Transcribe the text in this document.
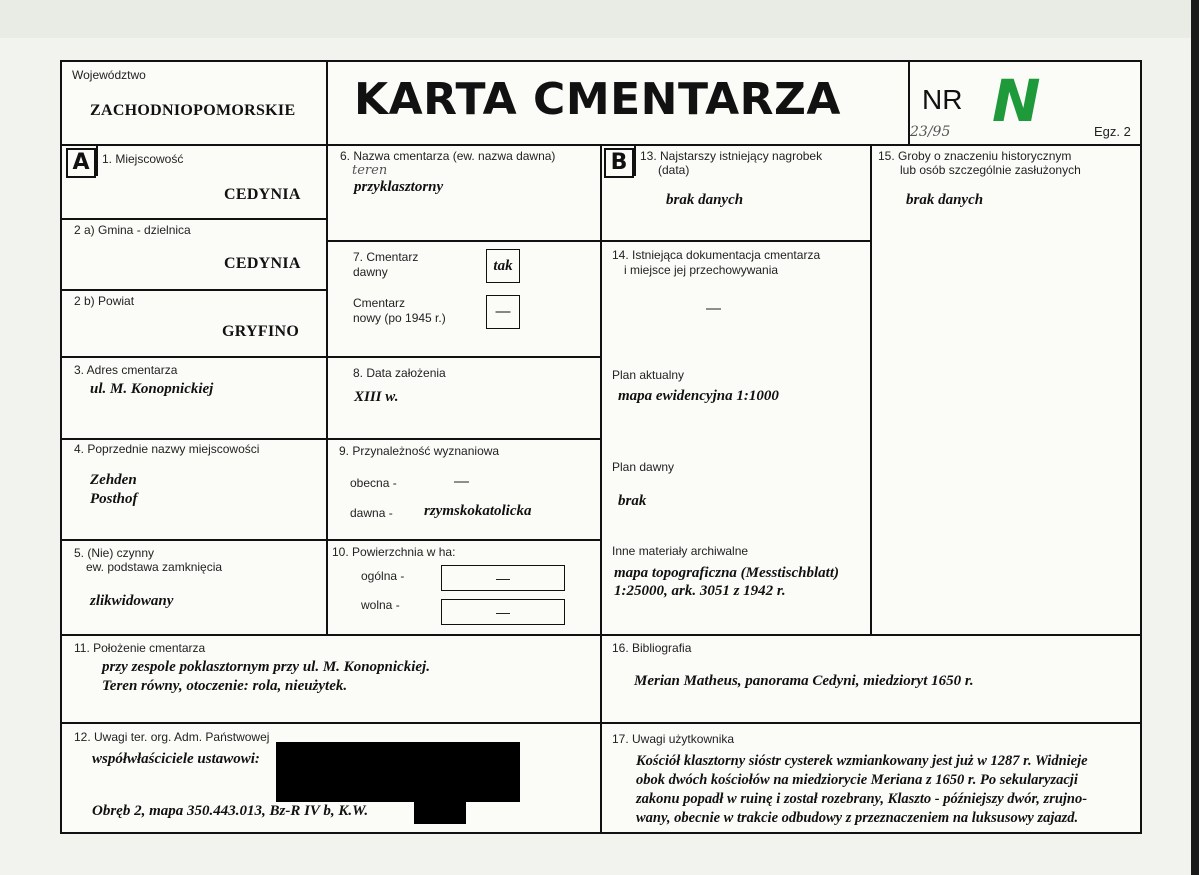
Województwo
ZACHODNIOPOMORSKIE KARTA CMENTARZA	NR N
23/95	Egz. 2
A	1. Miejscowość
CEDYNIA
2 a) Gmina - dzielnica
CEDYNIA
2 b) Powiat
GRYFINO
3. Adres cmentarza
ul. M. Konopnickiej
4. Poprzednie nazwy miejscowości
Zehden
Posthof
5. (Nie) czynny
ew. podstawa zamknięcia
zlikwidowany
6. Nazwa cmentarza (ew. nazwa dawna)
teren
przyklasztorny
7. Cmentarz
dawny	tak
Cmentarz
nowy (po 1945 r.)	—
8. Data założenia
XIII w.
9. Przynależność wyznaniowa
obecna -	—
dawna - rzymskokatolicka
10. Powierzchnia w ha:
ogólna -	—
wolna -	—
B	13. Najstarszy istniejący nagrobek
(data)
brak danych
14. Istniejąca dokumentacja cmentarza
i miejsce jej przechowywania
—
Plan aktualny
mapa ewidencyjna 1:1000
Plan dawny
brak
Inne materiały archiwalne
mapa topograficzna (Messtischblatt)
1:25000, ark. 3051 z 1942 r.
15. Groby o znaczeniu historycznym
lub osób szczególnie zasłużonych
brak danych
11. Położenie cmentarza
przy zespole poklasztornym przy ul. M. Konopnickiej.
Teren równy, otoczenie: rola, nieużytek.
16. Bibliografia
Merian Matheus, panorama Cedyni, miedzioryt 1650 r.
12. Uwagi ter. org. Adm. Państwowej
współwłaściciele ustawowi:
Obręb 2, mapa 350.443.013, Bz-R IV b, K.W.
17. Uwagi użytkownika
Kościół klasztorny sióstr cysterek wzmiankowany jest już w 1287 r. Widnieje
obok dwóch kościołów na miedziorycie Meriana z 1650 r. Po sekularyzacji
zakonu popadł w ruinę i został rozebrany, Klaszto - późniejszy dwór, zrujno-
wany, obecnie w trakcie odbudowy z przeznaczeniem na luksusowy zajazd.
